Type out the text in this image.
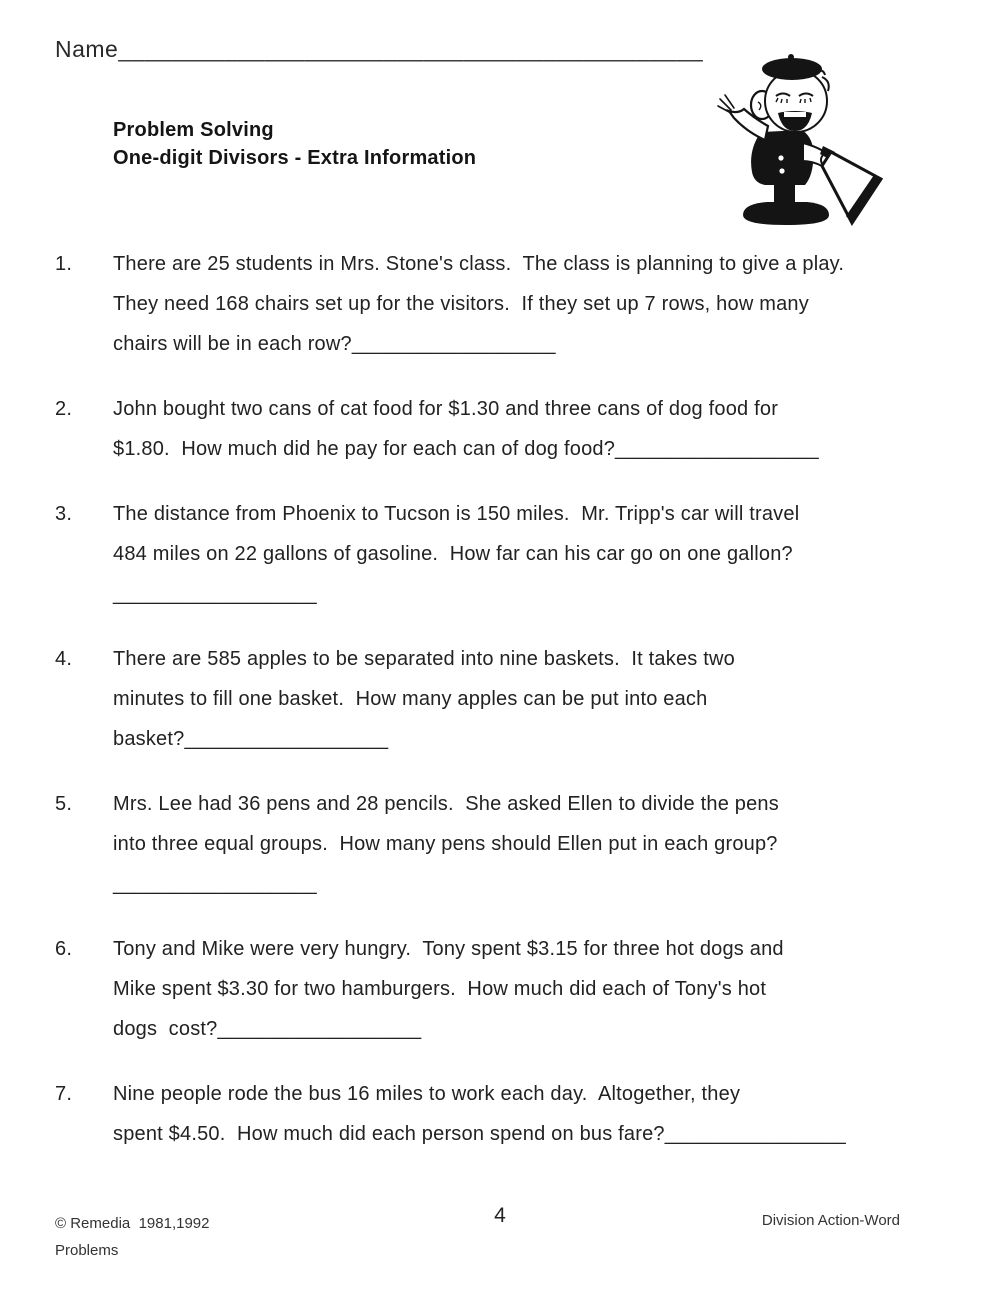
Name____________________________________________
Problem Solving
One-digit Divisors - Extra Information
1.	There are 25 students in Mrs. Stone's class.  The class is planning to give a play.
They need 168 chairs set up for the visitors.  If they set up 7 rows, how many
chairs will be in each row?__________________
2.	John bought two cans of cat food for $1.30 and three cans of dog food for
$1.80.  How much did he pay for each can of dog food?__________________
3.	The distance from Phoenix to Tucson is 150 miles.  Mr. Tripp's car will travel
484 miles on 22 gallons of gasoline.  How far can his car go on one gallon?
__________________
4.	There are 585 apples to be separated into nine baskets.  It takes two
minutes to fill one basket.  How many apples can be put into each
basket?__________________
5.	Mrs. Lee had 36 pens and 28 pencils.  She asked Ellen to divide the pens
into three equal groups.  How many pens should Ellen put in each group?
__________________
6.	Tony and Mike were very hungry.  Tony spent $3.15 for three hot dogs and
Mike spent $3.30 for two hamburgers.  How much did each of Tony's hot
dogs  cost?__________________
7.	Nine people rode the bus 16 miles to work each day.  Altogether, they
spent $4.50.  How much did each person spend on bus fare?________________
© Remedia  1981,1992
Problems
4	Division Action-Word
